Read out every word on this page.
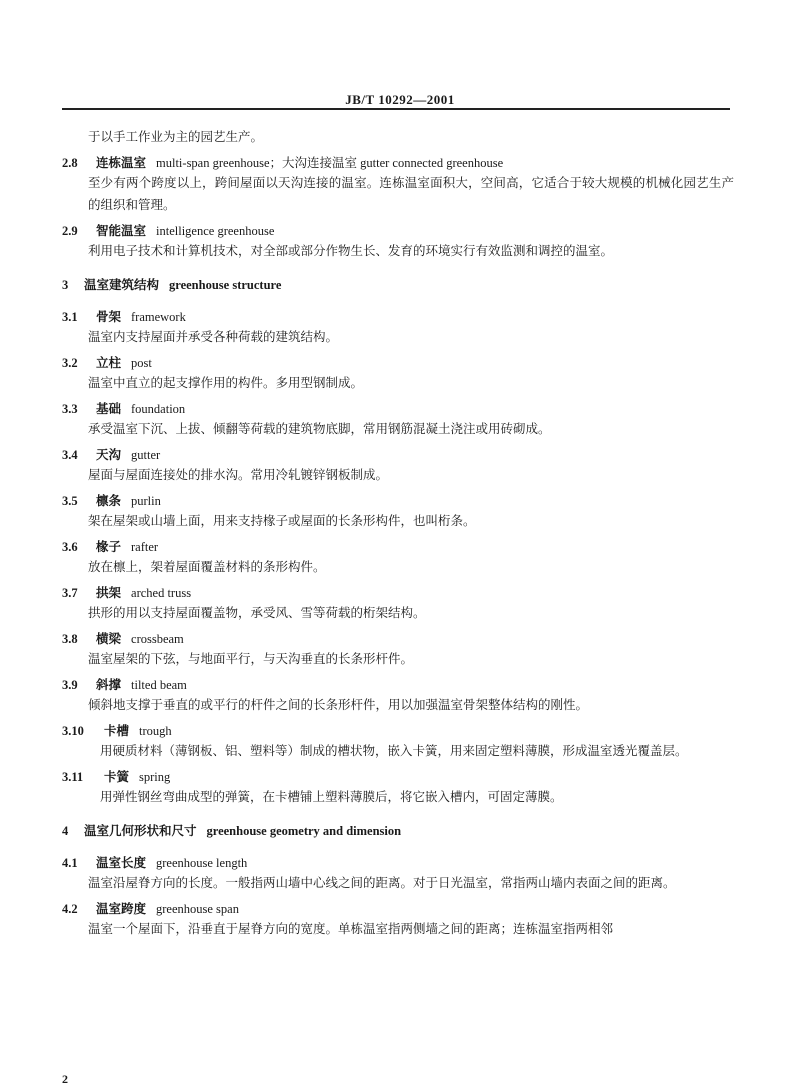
JB/T 10292—2001
于以手工作业为主的园艺生产。
2.8	连栋温室 multi-span greenhouse；大沟连接温室 gutter connected greenhouse
至少有两个跨度以上，跨间屋面以天沟连接的温室。连栋温室面积大，空间高，它适合于较大规模的机械化园艺生产的组织和管理。
2.9	智能温室 intelligence greenhouse
利用电子技术和计算机技术，对全部或部分作物生长、发育的环境实行有效监测和调控的温室。
3	温室建筑结构 greenhouse structure
3.1	骨架 framework
温室内支持屋面并承受各种荷载的建筑结构。
3.2	立柱 post
温室中直立的起支撑作用的构件。多用型钢制成。
3.3	基础 foundation
承受温室下沉、上拔、倾翻等荷载的建筑物底脚，常用钢筋混凝土浇注或用砖砌成。
3.4	天沟 gutter
屋面与屋面连接处的排水沟。常用冷轧镀锌钢板制成。
3.5	檩条 purlin
架在屋架或山墙上面，用来支持椽子或屋面的长条形构件，也叫桁条。
3.6	椽子 rafter
放在檩上，架着屋面覆盖材料的条形构件。
3.7	拱架 arched truss
拱形的用以支持屋面覆盖物，承受风、雪等荷载的桁架结构。
3.8	横梁 crossbeam
温室屋架的下弦，与地面平行，与天沟垂直的长条形杆件。
3.9	斜撑 tilted beam
倾斜地支撑于垂直的或平行的杆件之间的长条形杆件，用以加强温室骨架整体结构的刚性。
3.10	卡槽 trough
用硬质材料（薄钢板、铝、塑料等）制成的槽状物，嵌入卡簧，用来固定塑料薄膜，形成温室透光覆盖层。
3.11	卡簧 spring
用弹性钢丝弯曲成型的弹簧，在卡槽铺上塑料薄膜后，将它嵌入槽内，可固定薄膜。
4	温室几何形状和尺寸 greenhouse geometry and dimension
4.1	温室长度 greenhouse length
温室沿屋脊方向的长度。一般指两山墙中心线之间的距离。对于日光温室，常指两山墙内表面之间的距离。
4.2	温室跨度 greenhouse span
温室一个屋面下，沿垂直于屋脊方向的宽度。单栋温室指两侧墙之间的距离；连栋温室指两相邻
2
